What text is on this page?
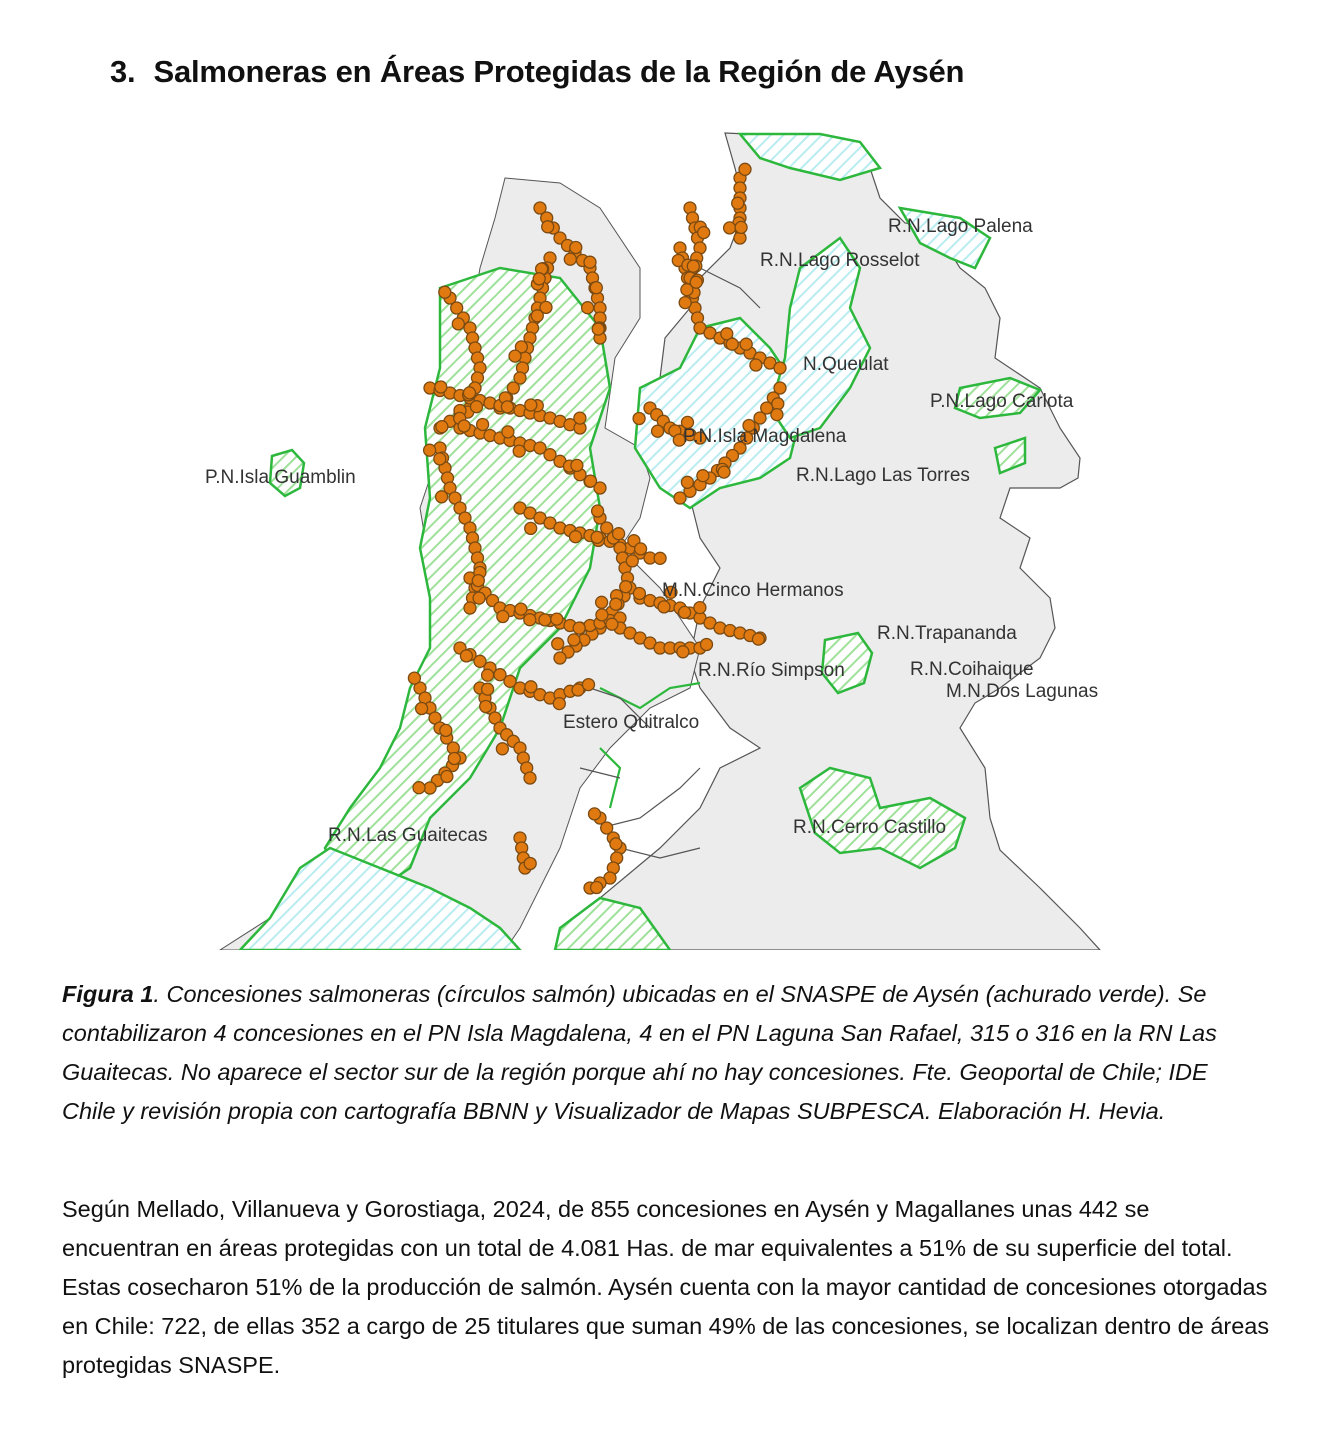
3. Salmoneras en Áreas Protegidas de la Región de Aysén
R.N.Lago Palena
R.N.Lago Rosselot
N.Queulat
P.N.Lago Carlota
P.N.Isla Magdalena
R.N.Lago Las Torres
P.N.Isla Guamblin
M.N.Cinco Hermanos
R.N.Trapananda
R.N.Río Simpson	R.N.Coihaique
M.N.Dos Lagunas
Estero Quitralco
R.N.Las Guaitecas	R.N.Cerro Castillo
Figura 1. Concesiones salmoneras (círculos salmón) ubicadas en el SNASPE de Aysén (achurado verde). Se contabilizaron 4 concesiones en el PN Isla Magdalena, 4 en el PN Laguna San Rafael, 315 o 316 en la RN Las Guaitecas. No aparece el sector sur de la región porque ahí no hay concesiones. Fte. Geoportal de Chile; IDE Chile y revisión propia con cartografía BBNN y Visualizador de Mapas SUBPESCA. Elaboración H. Hevia.
Según Mellado, Villanueva y Gorostiaga, 2024, de 855 concesiones en Aysén y Magallanes unas 442 se encuentran en áreas protegidas con un total de 4.081 Has. de mar equivalentes a 51% de su superficie del total. Estas cosecharon 51% de la producción de salmón. Aysén cuenta con la mayor cantidad de concesiones otorgadas en Chile: 722, de ellas 352 a cargo de 25 titulares que suman 49% de las concesiones, se localizan dentro de áreas protegidas SNASPE.
